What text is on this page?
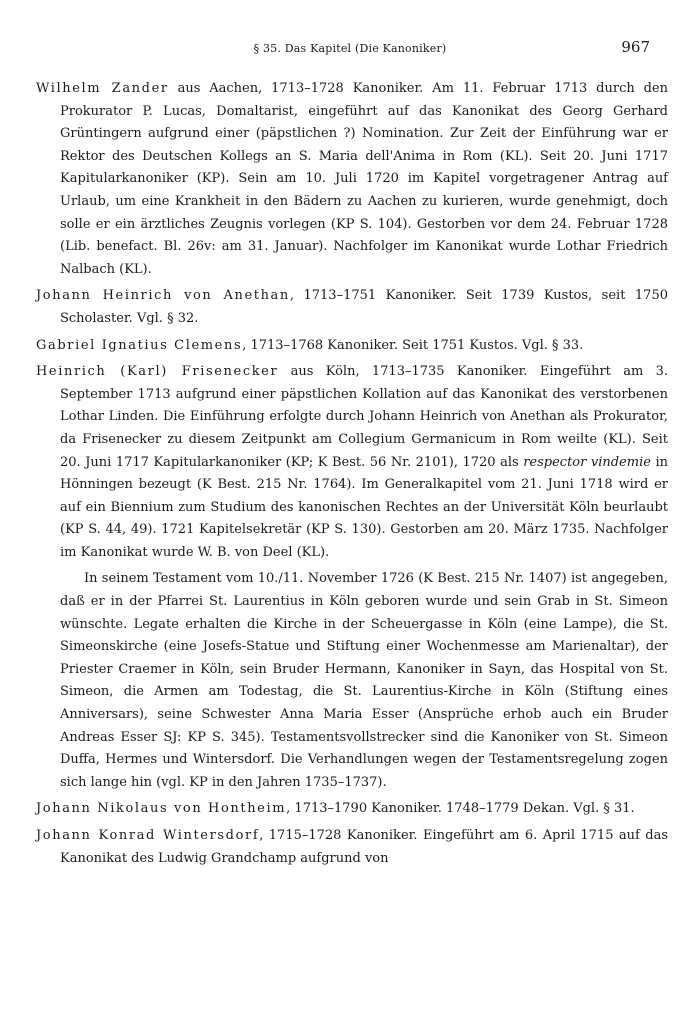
§ 35. Das Kapitel (Die Kanoniker)	967

Wilhelm Zander aus Aachen, 1713–1728 Kanoniker. Am 11. Februar 1713 durch den Prokurator P. Lucas, Domaltarist, eingeführt auf das Kanonikat des Georg Gerhard Grüntingern aufgrund einer (päpstlichen ?) Nomination. Zur Zeit der Einführung war er Rektor des Deutschen Kollegs an S. Maria dell'Anima in Rom (KL). Seit 20. Juni 1717 Kapitularkanoniker (KP). Sein am 10. Juli 1720 im Kapitel vorgetragener Antrag auf Urlaub, um eine Krankheit in den Bädern zu Aachen zu kurieren, wurde genehmigt, doch solle er ein ärztliches Zeugnis vorlegen (KP S. 104). Gestorben vor dem 24. Februar 1728 (Lib. benefact. Bl. 26v: am 31. Januar). Nachfolger im Kanonikat wurde Lothar Friedrich Nalbach (KL).

Johann Heinrich von Anethan, 1713–1751 Kanoniker. Seit 1739 Kustos, seit 1750 Scholaster. Vgl. § 32.

Gabriel Ignatius Clemens, 1713–1768 Kanoniker. Seit 1751 Kustos. Vgl. § 33.

Heinrich (Karl) Frisenecker aus Köln, 1713–1735 Kanoniker. Eingeführt am 3. September 1713 aufgrund einer päpstlichen Kollation auf das Kanonikat des verstorbenen Lothar Linden. Die Einführung erfolgte durch Johann Heinrich von Anethan als Prokurator, da Frisenecker zu diesem Zeitpunkt am Collegium Germanicum in Rom weilte (KL). Seit 20. Juni 1717 Kapitularkanoniker (KP; K Best. 56 Nr. 2101), 1720 als respector vindemie in Hönningen bezeugt (K Best. 215 Nr. 1764). Im Generalkapitel vom 21. Juni 1718 wird er auf ein Biennium zum Studium des kanonischen Rechtes an der Universität Köln beurlaubt (KP S. 44, 49). 1721 Kapitelsekretär (KP S. 130). Gestorben am 20. März 1735. Nachfolger im Kanonikat wurde W. B. von Deel (KL).

In seinem Testament vom 10./11. November 1726 (K Best. 215 Nr. 1407) ist angegeben, daß er in der Pfarrei St. Laurentius in Köln geboren wurde und sein Grab in St. Simeon wünschte. Legate erhalten die Kirche in der Scheuergasse in Köln (eine Lampe), die St. Simeonskirche (eine Josefs-Statue und Stiftung einer Wochenmesse am Marienaltar), der Priester Craemer in Köln, sein Bruder Hermann, Kanoniker in Sayn, das Hospital von St. Simeon, die Armen am Todestag, die St. Laurentius-Kirche in Köln (Stiftung eines Anniversars), seine Schwester Anna Maria Esser (Ansprüche erhob auch ein Bruder Andreas Esser SJ: KP S. 345). Testamentsvollstrecker sind die Kanoniker von St. Simeon Duffa, Hermes und Wintersdorf. Die Verhandlungen wegen der Testamentsregelung zogen sich lange hin (vgl. KP in den Jahren 1735–1737).

Johann Nikolaus von Hontheim, 1713–1790 Kanoniker. 1748–1779 Dekan. Vgl. § 31.

Johann Konrad Wintersdorf, 1715–1728 Kanoniker. Eingeführt am 6. April 1715 auf das Kanonikat des Ludwig Grandchamp aufgrund von
